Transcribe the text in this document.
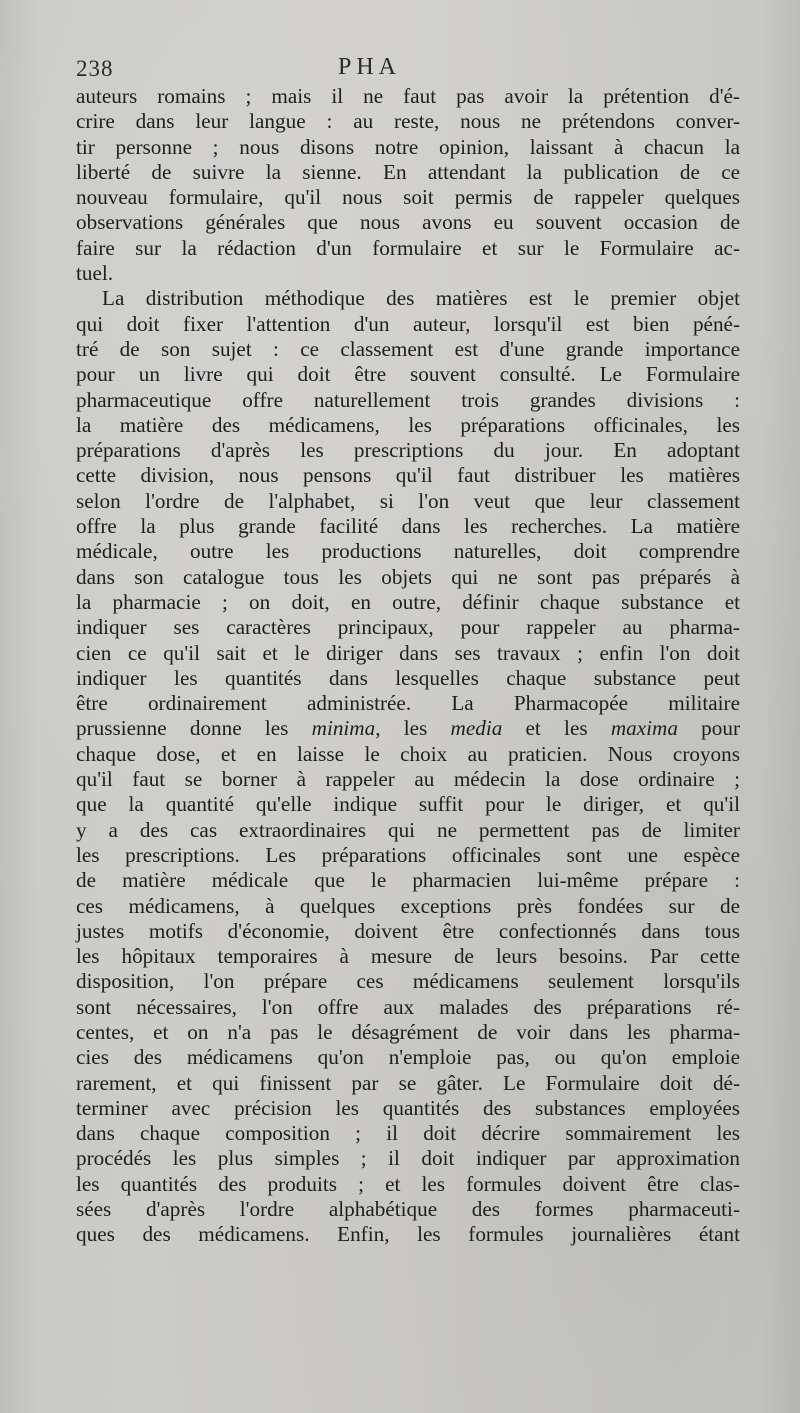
238	PHA
auteurs romains ; mais il ne faut pas avoir la prétention d'é-
crire dans leur langue : au reste, nous ne prétendons conver-
tir personne ; nous disons notre opinion, laissant à chacun la
liberté de suivre la sienne. En attendant la publication de ce
nouveau formulaire, qu'il nous soit permis de rappeler quelques
observations générales que nous avons eu souvent occasion de
faire sur la rédaction d'un formulaire et sur le Formulaire ac-
tuel.
La distribution méthodique des matières est le premier objet
qui doit fixer l'attention d'un auteur, lorsqu'il est bien péné-
tré de son sujet : ce classement est d'une grande importance
pour un livre qui doit être souvent consulté. Le Formulaire
pharmaceutique offre naturellement trois grandes divisions :
la matière des médicamens, les préparations officinales, les
préparations d'après les prescriptions du jour. En adoptant
cette division, nous pensons qu'il faut distribuer les matières
selon l'ordre de l'alphabet, si l'on veut que leur classement
offre la plus grande facilité dans les recherches. La matière
médicale, outre les productions naturelles, doit comprendre
dans son catalogue tous les objets qui ne sont pas préparés à
la pharmacie ; on doit, en outre, définir chaque substance et
indiquer ses caractères principaux, pour rappeler au pharma-
cien ce qu'il sait et le diriger dans ses travaux ; enfin l'on doit
indiquer les quantités dans lesquelles chaque substance peut
être ordinairement administrée. La Pharmacopée militaire
prussienne donne les minima, les media et les maxima pour
chaque dose, et en laisse le choix au praticien. Nous croyons
qu'il faut se borner à rappeler au médecin la dose ordinaire ;
que la quantité qu'elle indique suffit pour le diriger, et qu'il
y a des cas extraordinaires qui ne permettent pas de limiter
les prescriptions. Les préparations officinales sont une espèce
de matière médicale que le pharmacien lui-même prépare :
ces médicamens, à quelques exceptions près fondées sur de
justes motifs d'économie, doivent être confectionnés dans tous
les hôpitaux temporaires à mesure de leurs besoins. Par cette
disposition, l'on prépare ces médicamens seulement lorsqu'ils
sont nécessaires, l'on offre aux malades des préparations ré-
centes, et on n'a pas le désagrément de voir dans les pharma-
cies des médicamens qu'on n'emploie pas, ou qu'on emploie
rarement, et qui finissent par se gâter. Le Formulaire doit dé-
terminer avec précision les quantités des substances employées
dans chaque composition ; il doit décrire sommairement les
procédés les plus simples ; il doit indiquer par approximation
les quantités des produits ; et les formules doivent être clas-
sées d'après l'ordre alphabétique des formes pharmaceuti-
ques des médicamens. Enfin, les formules journalières étant
